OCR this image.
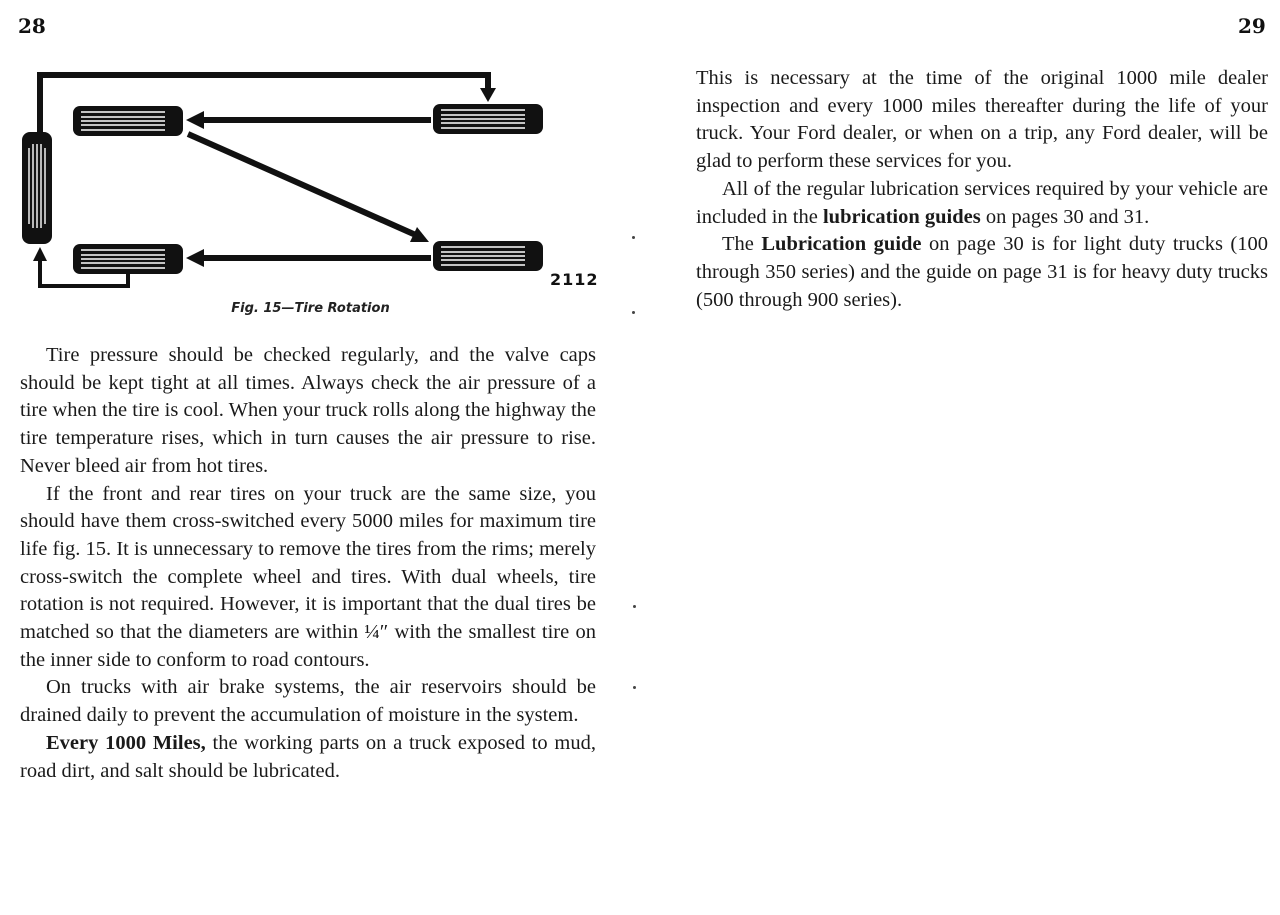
28	29
2112
Fig. 15—Tire Rotation

Tire pressure should be checked regularly, and the valve caps should be kept tight at all times. Always check the air pressure of a tire when the tire is cool. When your truck rolls along the highway the tire temperature rises, which in turn causes the air pressure to rise. Never bleed air from hot tires.

If the front and rear tires on your truck are the same size, you should have them cross-switched every 5000 miles for maximum tire life fig. 15. It is unnecessary to remove the tires from the rims; merely cross-switch the complete wheel and tires. With dual wheels, tire rotation is not required. However, it is important that the dual tires be matched so that the diameters are within ¼″ with the smallest tire on the inner side to conform to road contours.

On trucks with air brake systems, the air reservoirs should be drained daily to prevent the accumulation of moisture in the system.

Every 1000 Miles, the working parts on a truck exposed to mud, road dirt, and salt should be lubricated.

This is necessary at the time of the original 1000 mile dealer inspection and every 1000 miles thereafter during the life of your truck. Your Ford dealer, or when on a trip, any Ford dealer, will be glad to perform these services for you.

All of the regular lubrication services required by your vehicle are included in the lubrication guides on pages 30 and 31.

The Lubrication guide on page 30 is for light duty trucks (100 through 350 series) and the guide on page 31 is for heavy duty trucks (500 through 900 series).
